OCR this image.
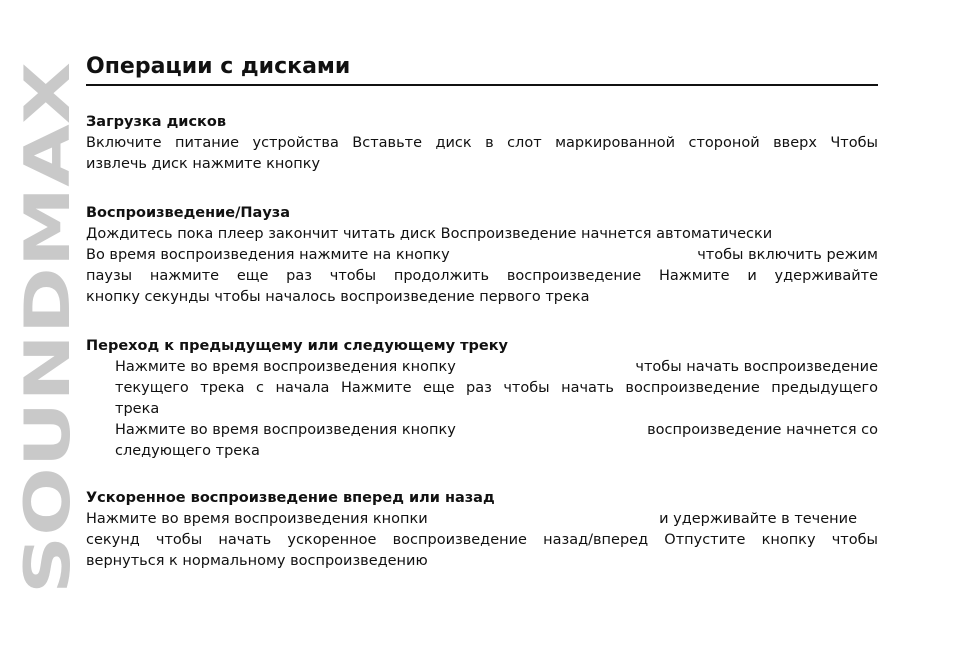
SOUNDMAX
Операции с дисками

Загрузка дисков

Включите питание устройства Вставьте диск в слот маркированной стороной вверх Чтобы

извлечь диск нажмите кнопку

Воспроизведение/Пауза

Дождитесь пока плеер закончит читать диск Воспроизведение начнется автоматически

Во время воспроизведения нажмите на кнопку	чтобы включить режим

паузы нажмите еще раз чтобы продолжить воспроизведение Нажмите и удерживайте

кнопку секунды чтобы началось воспроизведение первого трека

Переход к предыдущему или следующему треку

Нажмите во время воспроизведения кнопку	чтобы начать воспроизведение

текущего трека с начала Нажмите еще раз чтобы начать воспроизведение предыдущего

трека

Нажмите во время воспроизведения кнопку	воспроизведение начнется со

следующего трека

Ускоренное воспроизведение вперед или назад

Нажмите во время воспроизведения кнопки	и удерживайте в течение

секунд чтобы начать ускоренное воспроизведение назад/вперед Отпустите кнопку чтобы

вернуться к нормальному воспроизведению
